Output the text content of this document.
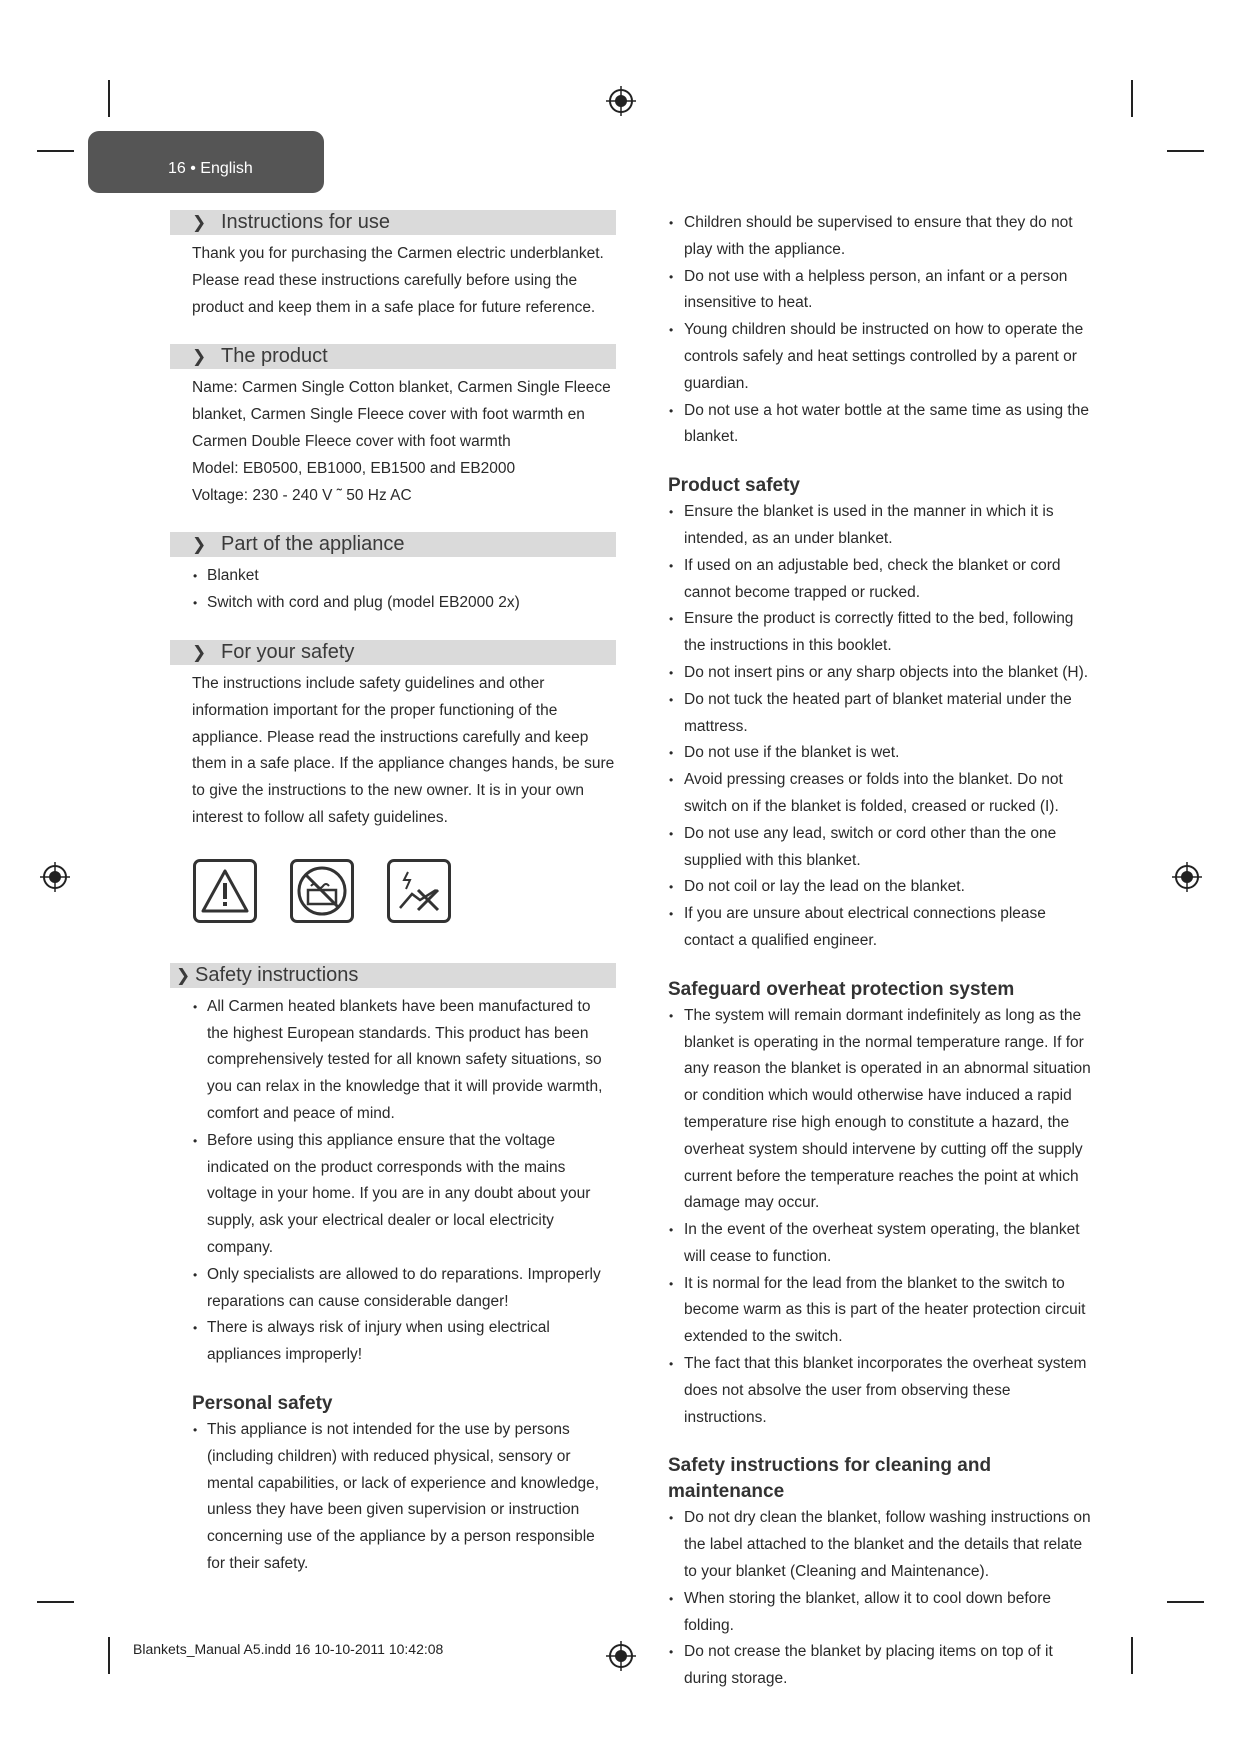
16 • English
❯ Instructions for use

Thank you for purchasing the Carmen electric underblanket. Please read these instructions carefully before using the product and keep them in a safe place for future reference.

❯ The product

Name: Carmen Single Cotton blanket, Carmen Single Fleece blanket, Carmen Single Fleece cover with foot warmth en Carmen Double Fleece cover with foot warmth

Model: EB0500, EB1000, EB1500 and EB2000

Voltage: 230 - 240 V ˜ 50 Hz AC

❯ Part of the appliance
• Blanket
• Switch with cord and plug (model EB2000 2x)
❯ For your safety

The instructions include safety guidelines and other information important for the proper functioning of the appliance. Please read the instructions carefully and keep them in a safe place. If the appliance changes hands, be sure to give the instructions to the new owner. It is in your own interest to follow all safety guidelines.

❯ Safety instructions
• All Carmen heated blankets have been manufactured to the highest European standards. This product has been comprehensively tested for all known safety situations, so you can relax in the knowledge that it will provide warmth, comfort and peace of mind.
• Before using this appliance ensure that the voltage indicated on the product corresponds with the mains voltage in your home. If you are in any doubt about your supply, ask your electrical dealer or local electricity company.
• Only specialists are allowed to do reparations. Improperly reparations can cause considerable danger!
• There is always risk of injury when using electrical appliances improperly!
Personal safety
• This appliance is not intended for the use by persons (including children) with reduced physical, sensory or mental capabilities, or lack of experience and knowledge, unless they have been given supervision or instruction concerning use of the appliance by a person responsible for their safety.
• Children should be supervised to ensure that they do not play with the appliance.
• Do not use with a helpless person, an infant or a person insensitive to heat.
• Young children should be instructed on how to operate the controls safely and heat settings controlled by a parent or guardian.
• Do not use a hot water bottle at the same time as using the blanket.
Product safety
• Ensure the blanket is used in the manner in which it is intended, as an under blanket.
• If used on an adjustable bed, check the blanket or cord cannot become trapped or rucked.
• Ensure the product is correctly fitted to the bed, following the instructions in this booklet.
• Do not insert pins or any sharp objects into the blanket (H).
• Do not tuck the heated part of blanket material under the mattress.
• Do not use if the blanket is wet.
• Avoid pressing creases or folds into the blanket. Do not switch on if the blanket is folded, creased or rucked (I).
• Do not use any lead, switch or cord other than the one supplied with this blanket.
• Do not coil or lay the lead on the blanket.
• If you are unsure about electrical connections please contact a qualified engineer.
Safeguard overheat protection system
• The system will remain dormant indefinitely as long as the blanket is operating in the normal temperature range. If for any reason the blanket is operated in an abnormal situation or condition which would otherwise have induced a rapid temperature rise high enough to constitute a hazard, the overheat system should intervene by cutting off the supply current before the temperature reaches the point at which damage may occur.
• In the event of the overheat system operating, the blanket will cease to function.
• It is normal for the lead from the blanket to the switch to become warm as this is part of the heater protection circuit extended to the switch.
• The fact that this blanket incorporates the overheat system does not absolve the user from observing these instructions.
Safety instructions for cleaning and maintenance
• Do not dry clean the blanket, follow washing instructions on the label attached to the blanket and the details that relate to your blanket (Cleaning and Maintenance).
• When storing the blanket, allow it to cool down before folding.
• Do not crease the blanket by placing items on top of it during storage.
Blankets_Manual A5.indd 16 10-10-2011 10:42:08
